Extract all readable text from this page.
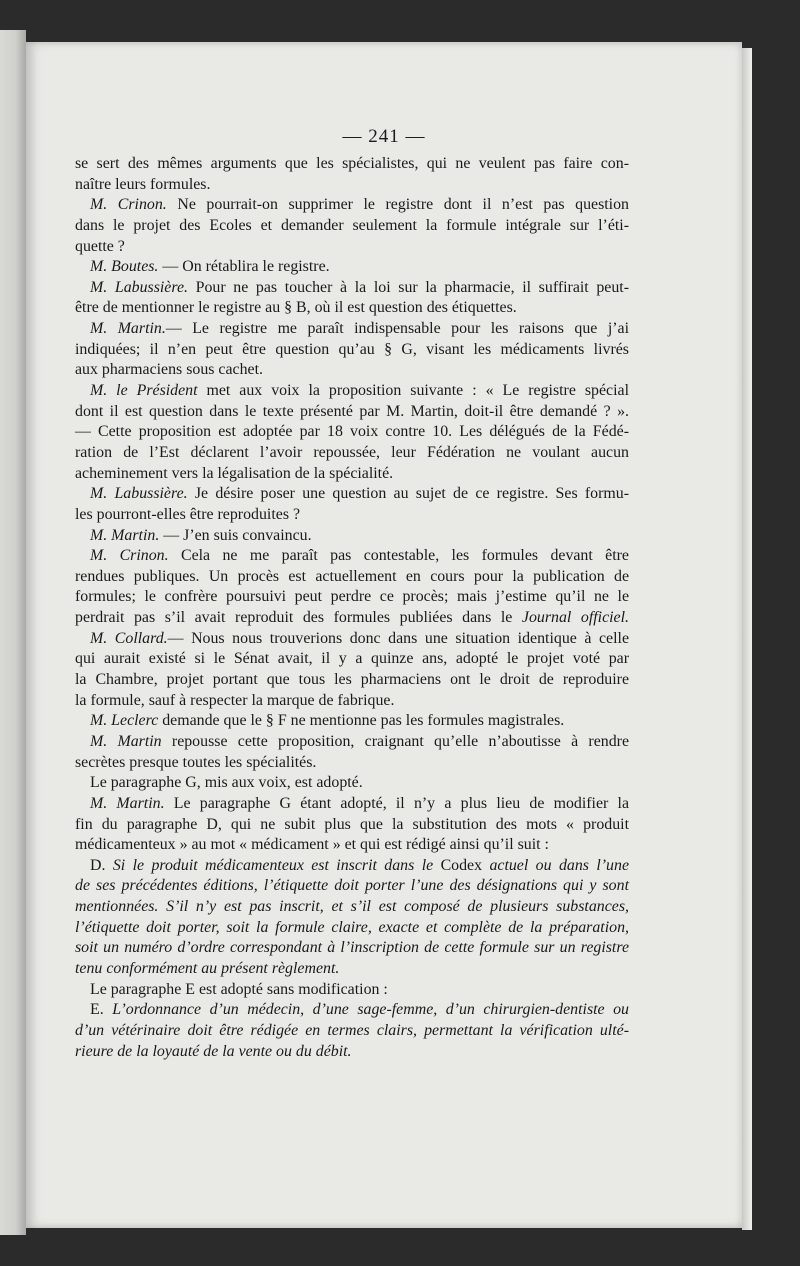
— 241 —
se sert des mêmes arguments que les spécialistes, qui ne veulent pas faire con-
naître leurs formules.
M. Crinon. Ne pourrait-on supprimer le registre dont il n’est pas question
dans le projet des Ecoles et demander seulement la formule intégrale sur l’éti-
quette ?
M. Boutes. — On rétablira le registre.
M. Labussière. Pour ne pas toucher à la loi sur la pharmacie, il suffirait peut-
être de mentionner le registre au § B, où il est question des étiquettes.
M. Martin.— Le registre me paraît indispensable pour les raisons que j’ai
indiquées; il n’en peut être question qu’au § G, visant les médicaments livrés
aux pharmaciens sous cachet.
M. le Président met aux voix la proposition suivante : « Le registre spécial
dont il est question dans le texte présenté par M. Martin, doit-il être demandé ? ».
— Cette proposition est adoptée par 18 voix contre 10. Les délégués de la Fédé-
ration de l’Est déclarent l’avoir repoussée, leur Fédération ne voulant aucun
acheminement vers la légalisation de la spécialité.
M. Labussière. Je désire poser une question au sujet de ce registre. Ses formu-
les pourront-elles être reproduites ?
M. Martin. — J’en suis convaincu.
M. Crinon. Cela ne me paraît pas contestable, les formules devant être
rendues publiques. Un procès est actuellement en cours pour la publication de
formules; le confrère poursuivi peut perdre ce procès; mais j’estime qu’il ne le
perdrait pas s’il avait reproduit des formules publiées dans le Journal officiel.
M. Collard.— Nous nous trouverions donc dans une situation identique à celle
qui aurait existé si le Sénat avait, il y a quinze ans, adopté le projet voté par
la Chambre, projet portant que tous les pharmaciens ont le droit de reproduire
la formule, sauf à respecter la marque de fabrique.
M. Leclerc demande que le § F ne mentionne pas les formules magistrales.
M. Martin repousse cette proposition, craignant qu’elle n’aboutisse à rendre
secrètes presque toutes les spécialités.
Le paragraphe G, mis aux voix, est adopté.
M. Martin. Le paragraphe G étant adopté, il n’y a plus lieu de modifier la
fin du paragraphe D, qui ne subit plus que la substitution des mots « produit
médicamenteux » au mot « médicament » et qui est rédigé ainsi qu’il suit :
D. Si le produit médicamenteux est inscrit dans le Codex actuel ou dans l’une
de ses précédentes éditions, l’étiquette doit porter l’une des désignations qui y sont
mentionnées. S’il n’y est pas inscrit, et s’il est composé de plusieurs substances,
l’étiquette doit porter, soit la formule claire, exacte et complète de la préparation,
soit un numéro d’ordre correspondant à l’inscription de cette formule sur un registre
tenu conformément au présent règlement.
Le paragraphe E est adopté sans modification :
E. L’ordonnance d’un médecin, d’une sage-femme, d’un chirurgien-dentiste ou
d’un vétérinaire doit être rédigée en termes clairs, permettant la vérification ulté-
rieure de la loyauté de la vente ou du débit.
